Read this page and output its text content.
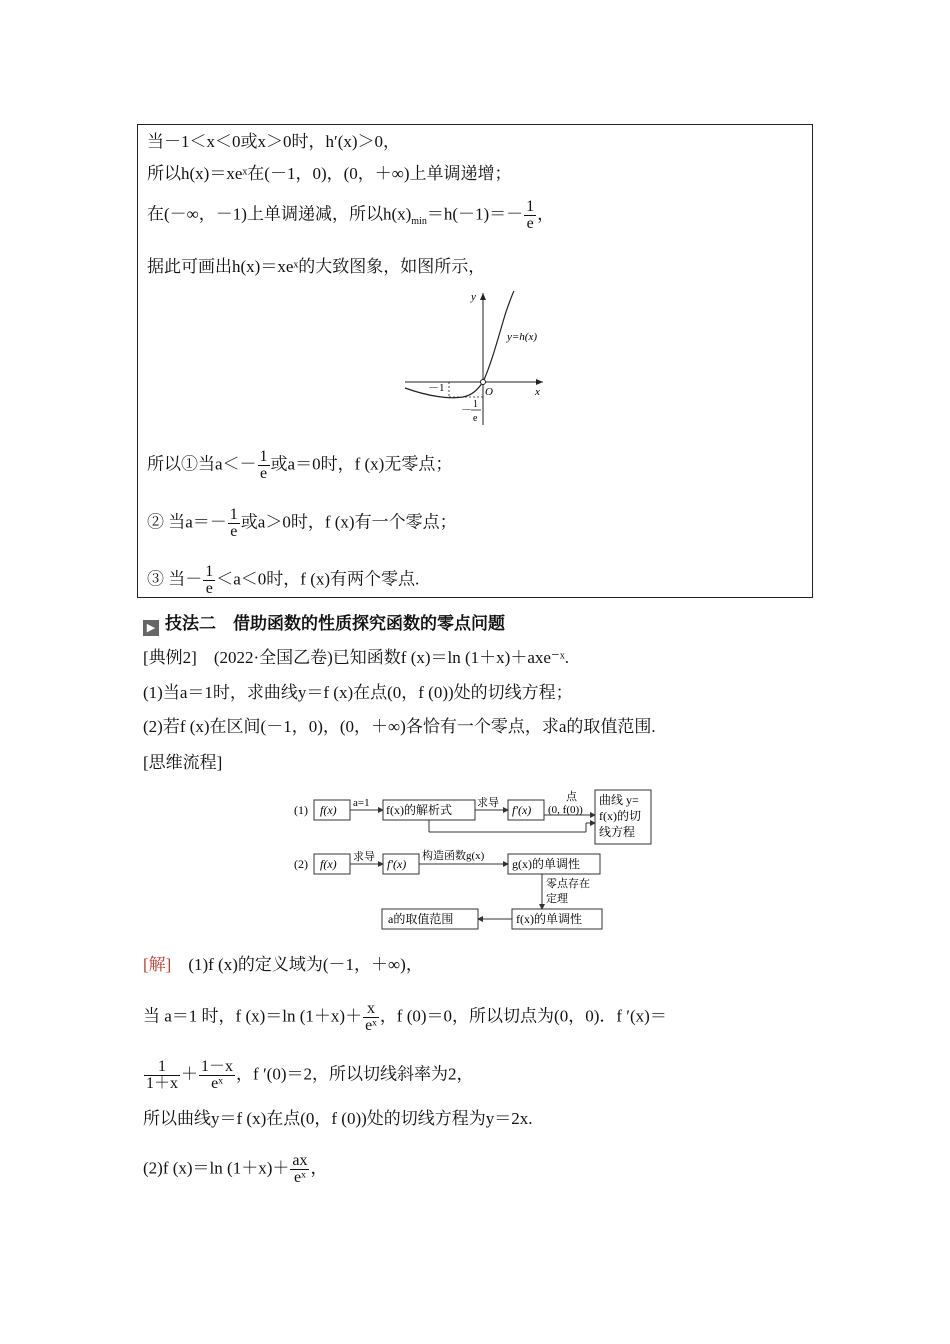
当－1＜x＜0或x＞0时，h′(x)＞0，
所以h(x)＝xeˣ在(－1，0)，(0，＋∞)上单调递增；
在(－∞，－1)上单调递减，所以$h(x)_{min}=h(-1)=- \frac{1}{e}$ ，
据此可画出h(x)＝xeˣ的大致图象，如图所示，
y
x
O
y=h(x)
－1
－ 1
e
所以①当$a<- \frac{1}{e}$ 或a＝0时，f (x)无零点；
② 当$a=- \frac{1}{e}$ 或a＞0时，f (x)有一个零点；
③ 当－ $\frac{1}{e} <a<0$时，f (x)有两个零点.
▶ 技法二　借助函数的性质探究函数的零点问题
[典例2]　(2022·全国乙卷)已知函数f (x)＝ln (1＋x)＋axe⁻ˣ.
(1)当a＝1时，求曲线y＝f (x)在点(0，f (0))处的切线方程；
(2)若f (x)在区间(－1，0)，(0，＋∞)各恰有一个零点，求a的取值范围.
[思维流程]
(1) f(x) a=1 f(x)的解析式 求导 f′(x)
点
(0, f(0))
曲线 y=
f(x)的切
线方程
(2) f(x) 求导 f′(x)
构造函数g(x)
g(x)的单调性
零点存在
定理
f(x)的单调性
a的取值范围
[解]　(1)f (x)的定义域为(－1，＋∞)，
当 a＝1 时，f (x)＝ln $(1+x)+ \frac{x}{\text{eˣ}}$ ，f (0)＝0，所以切点为(0，0)．f ′(x)＝
$\frac{1}{1+x} + \frac{1-x}{\text{eˣ}}$ ，f ′(0)＝2，所以切线斜率为2，
所以曲线y＝f (x)在点(0，f (0))处的切线方程为y＝2x.
(2)f (x)＝ln $(1+x)+ \frac{ax}{\text{eˣ}}$ ，
